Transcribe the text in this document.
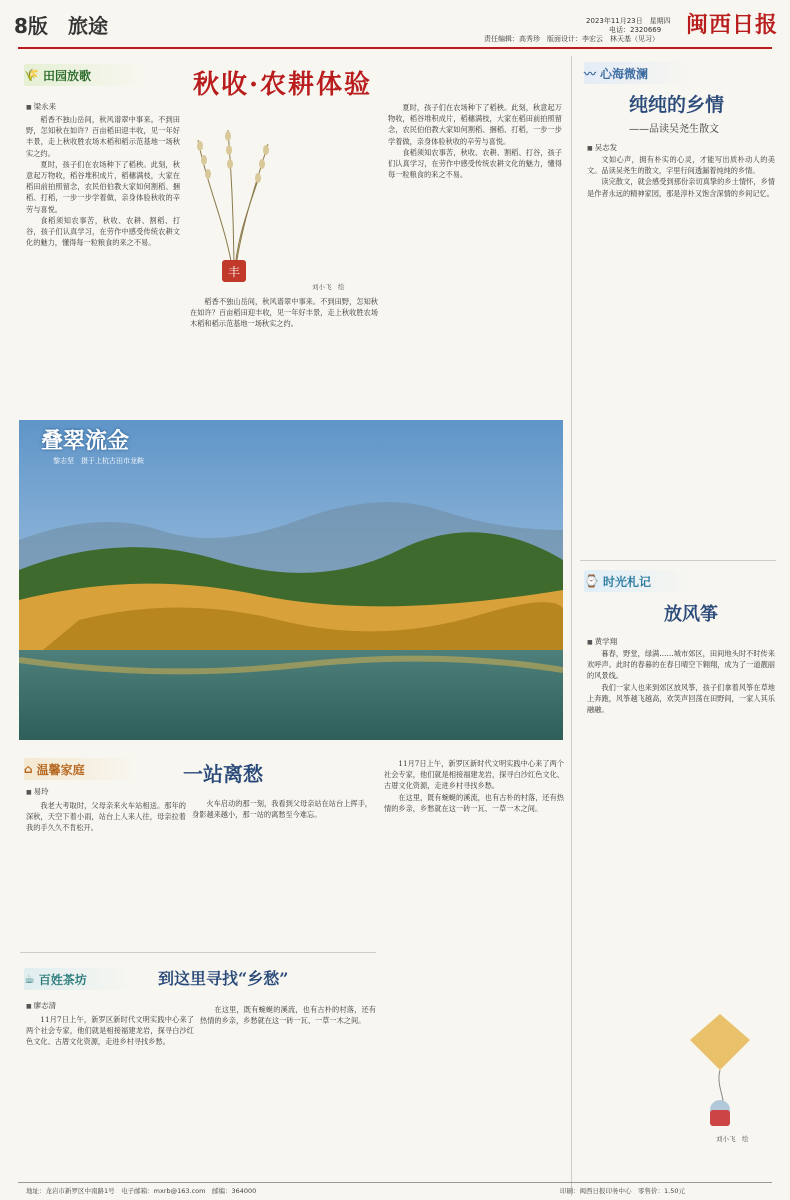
8版 旅途	2023年11月23日　星期四
电话：2320669
责任编辑：高秀珍　版面设计：李宏云　林天基（见习）
闽西日报
🌾 田园放歌	秋收·农耕体验
丰
刘小飞　绘
■ 梁永来

稻香不独山岳间，秋风谱翠中事来。不到田野，怎知秋在如许？百亩稻田迎丰收，见一年好丰景，走上秋收胜农场木稻和稻示范基地一场秋实之约。

夏时，孩子们在农场种下了稻秧。此刻，秋意起万物收，稻谷堆积成片，稻穗满枝，大家在稻田前拍照留念，农民伯伯教大家如何割稻、捆稻、打稻，一步一步学着做，亲身体验秋收的辛劳与喜悦。

食稻须知农事苦，秋收、农耕、割稻、打谷，孩子们认真学习，在劳作中感受传统农耕文化的魅力，懂得每一粒粮食的来之不易。

夏时，孩子们在农场种下了稻秧。此刻，秋意起万物收，稻谷堆积成片，稻穗满枝，大家在稻田前拍照留念，农民伯伯教大家如何割稻、捆稻、打稻，一步一步学着做，亲身体验秋收的辛劳与喜悦。

食稻须知农事苦，秋收、农耕、割稻、打谷，孩子们认真学习，在劳作中感受传统农耕文化的魅力，懂得每一粒粮食的来之不易。

稻香不独山岳间，秋风谱翠中事来。不到田野，怎知秋在如许？百亩稻田迎丰收，见一年好丰景，走上秋收胜农场木稻和稻示范基地一场秋实之约。

叠翠流金
黎志坚　摄于上杭古田市龙鞍
〰 心海微澜
纯纯的乡情
——品读吴尧生散文
■ 吴志发

文如心声，拥有朴实的心灵，才能写出质朴动人的美文。品读吴尧生的散文，字里行间透漏着纯纯的乡情。

读完散文，就会感受到那份亲切真挚的乡土情怀，乡情是作者永远的精神家园，那是淳朴又饱含深情的乡间记忆。

⌚ 时光札记
放风筝
■ 黄学翔

暮春，野堂，绿满……城市郊区，田间地头时不时传来欢呼声。此时的春暮的在春日晴空下翱翔，成为了一道靓丽的风景线。

我们一家人也来到郊区放风筝，孩子们拿着风筝在草地上奔跑，风筝越飞越高，欢笑声回荡在田野间，一家人其乐融融。

刘小飞　绘
⌂ 温馨家庭	一站离愁
■ 易玲

我老大考取时，父母亲来火车站相送。那年的深秋，天空下着小雨，站台上人来人往，母亲拉着我的手久久不肯松开。

火车启动的那一刻，我看到父母亲站在站台上挥手，身影越来越小，那一站的离愁至今难忘。

☕ 百姓茶坊	到这里寻找“乡愁”
■ 廖志清

11月7日上午，新罗区新时代文明实践中心来了两个社会专家，他们就是相接福建龙岩，探寻白沙红色文化、古厝文化资源，走进乡村寻找乡愁。

在这里，既有蜿蜒的溪流，也有古朴的村落，还有热情的乡亲，乡愁就在这一砖一瓦、一草一木之间。

11月7日上午，新罗区新时代文明实践中心来了两个社会专家，他们就是相接福建龙岩，探寻白沙红色文化、古厝文化资源，走进乡村寻找乡愁。

在这里，既有蜿蜒的溪流，也有古朴的村落，还有热情的乡亲，乡愁就在这一砖一瓦、一草一木之间。

地址：龙岩市新罗区中南路1号　电子邮箱：mxrb@163.com　邮编：364000	印刷：闽西日报印务中心　零售价：1.50元
